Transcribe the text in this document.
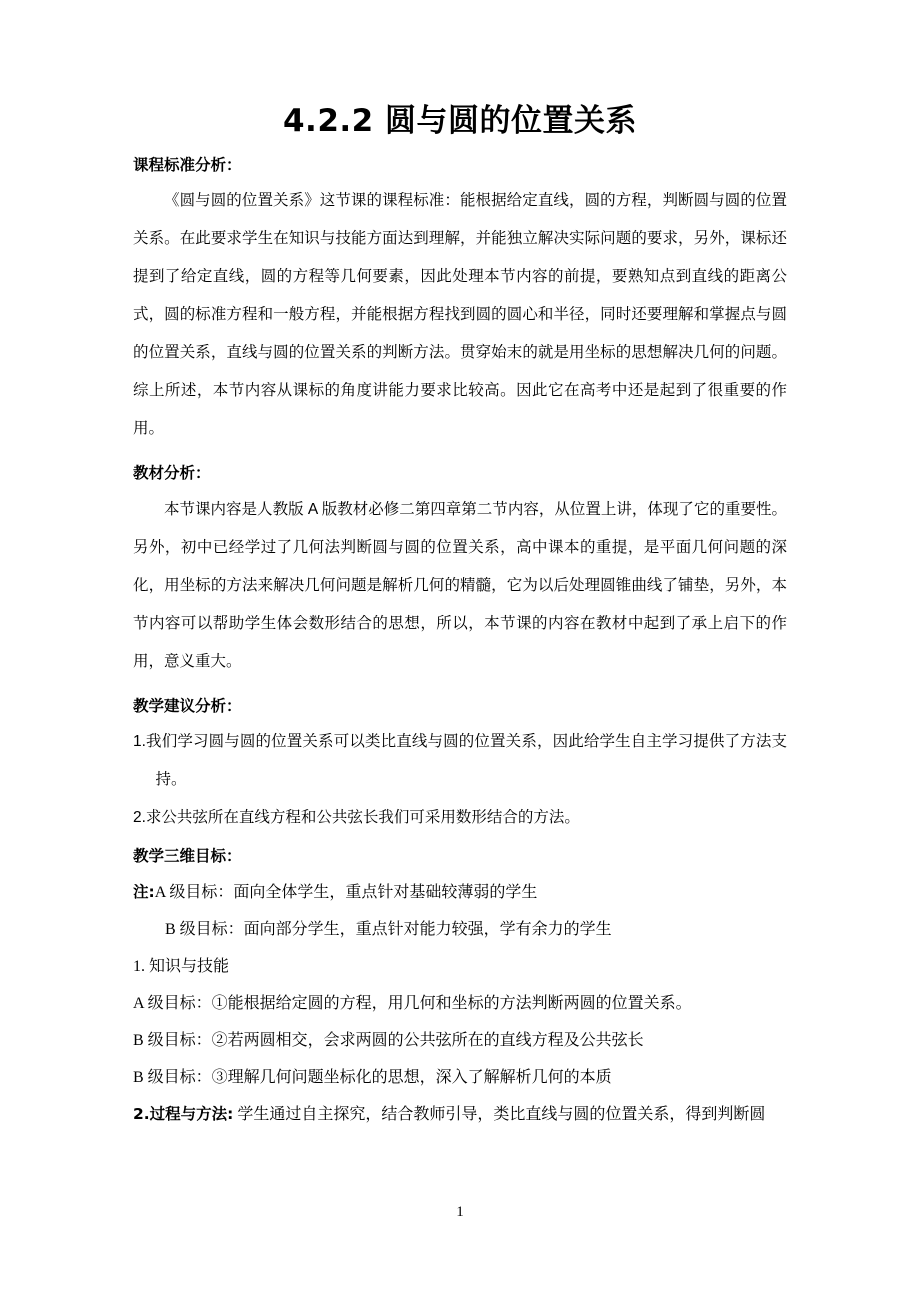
4.2.2 圆与圆的位置关系
课程标准分析：

《圆与圆的位置关系》这节课的课程标准：能根据给定直线，圆的方程，判断圆与圆的位置关系。在此要求学生在知识与技能方面达到理解，并能独立解决实际问题的要求，另外，课标还提到了给定直线，圆的方程等几何要素，因此处理本节内容的前提，要熟知点到直线的距离公式，圆的标准方程和一般方程，并能根据方程找到圆的圆心和半径，同时还要理解和掌握点与圆的位置关系，直线与圆的位置关系的判断方法。贯穿始末的就是用坐标的思想解决几何的问题。综上所述，本节内容从课标的角度讲能力要求比较高。因此它在高考中还是起到了很重要的作用。

教材分析：

本节课内容是人教版 A 版教材必修二第四章第二节内容，从位置上讲，体现了它的重要性。另外，初中已经学过了几何法判断圆与圆的位置关系，高中课本的重提，是平面几何问题的深化，用坐标的方法来解决几何问题是解析几何的精髓，它为以后处理圆锥曲线了铺垫，另外，本节内容可以帮助学生体会数形结合的思想，所以，本节课的内容在教材中起到了承上启下的作用，意义重大。

教学建议分析：

1.我们学习圆与圆的位置关系可以类比直线与圆的位置关系，因此给学生自主学习提供了方法支持。

2.求公共弦所在直线方程和公共弦长我们可采用数形结合的方法。

教学三维目标：

注:A 级目标：面向全体学生，重点针对基础较薄弱的学生

B 级目标：面向部分学生，重点针对能力较强，学有余力的学生

1. 知识与技能

A 级目标：①能根据给定圆的方程，用几何和坐标的方法判断两圆的位置关系。

B 级目标：②若两圆相交，会求两圆的公共弦所在的直线方程及公共弦长

B 级目标：③理解几何问题坐标化的思想，深入了解解析几何的本质

2.过程与方法: 学生通过自主探究，结合教师引导，类比直线与圆的位置关系，得到判断圆

1
